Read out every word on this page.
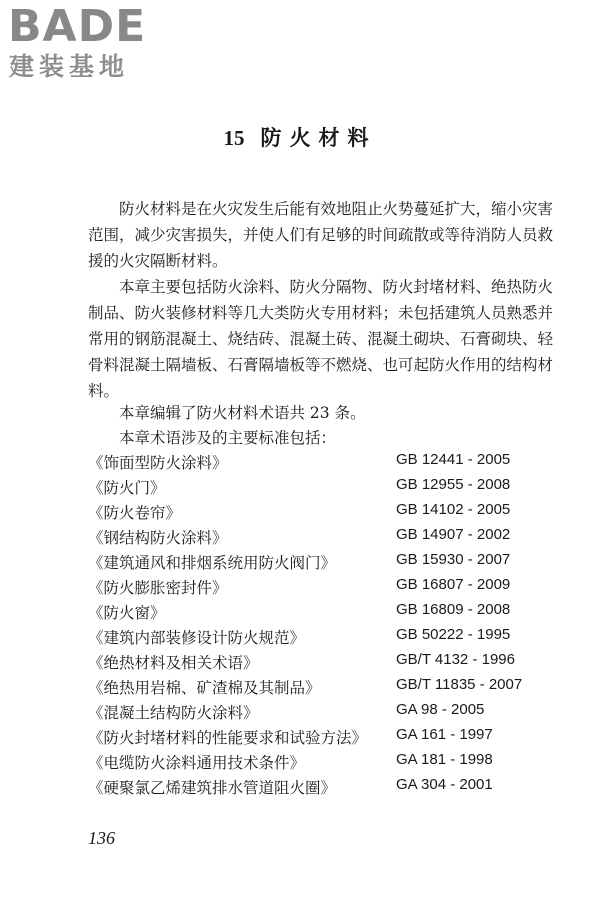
BADE
建装基地
15 防火材料

防火材料是在火灾发生后能有效地阻止火势蔓延扩大，缩小灾害范围，减少灾害损失，并使人们有足够的时间疏散或等待消防人员救援的火灾隔断材料。

本章主要包括防火涂料、防火分隔物、防火封堵材料、绝热防火制品、防火装修材料等几大类防火专用材料；未包括建筑人员熟悉并常用的钢筋混凝土、烧结砖、混凝土砖、混凝土砌块、石膏砌块、轻骨料混凝土隔墙板、石膏隔墙板等不燃烧、也可起防火作用的结构材料。

本章编辑了防火材料术语共 23 条。

本章术语涉及的主要标准包括：

《饰面型防火涂料》	GB 12441 - 2005
《防火门》	GB 12955 - 2008
《防火卷帘》	GB 14102 - 2005
《钢结构防火涂料》	GB 14907 - 2002
《建筑通风和排烟系统用防火阀门》	GB 15930 - 2007
《防火膨胀密封件》	GB 16807 - 2009
《防火窗》	GB 16809 - 2008
《建筑内部装修设计防火规范》	GB 50222 - 1995
《绝热材料及相关术语》	GB/T 4132 - 1996
《绝热用岩棉、矿渣棉及其制品》	GB/T 11835 - 2007
《混凝土结构防火涂料》	GA 98 - 2005
《防火封堵材料的性能要求和试验方法》 GA 161 - 1997
《电缆防火涂料通用技术条件》	GA 181 - 1998
《硬聚氯乙烯建筑排水管道阻火圈》	GA 304 - 2001
136
